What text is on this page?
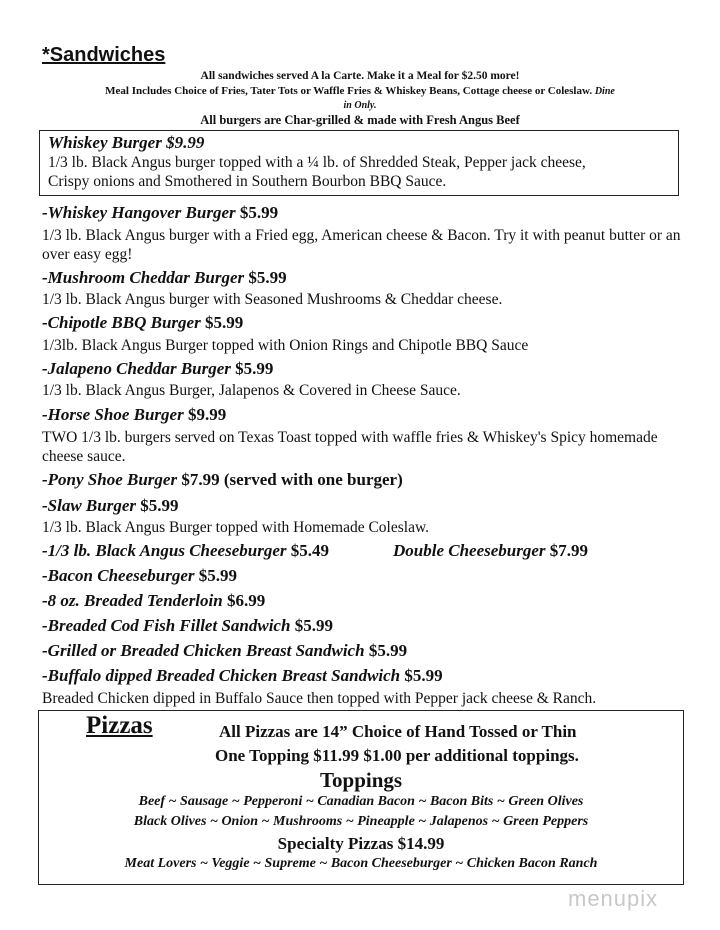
*Sandwiches
All sandwiches served A la Carte. Make it a Meal for $2.50 more!
Meal Includes Choice of Fries, Tater Tots or Waffle Fries & Whiskey Beans, Cottage cheese or Coleslaw. Dine
in Only.
All burgers are Char-grilled & made with Fresh Angus Beef
Whiskey Burger $9.99
1/3 lb. Black Angus burger topped with a ¼ lb. of Shredded Steak, Pepper jack cheese,
Crispy onions and Smothered in Southern Bourbon BBQ Sauce.
-Whiskey Hangover Burger $5.99
1/3 lb. Black Angus burger with a Fried egg, American cheese & Bacon. Try it with peanut butter or an over easy egg!
-Mushroom Cheddar Burger $5.99
1/3 lb. Black Angus burger with Seasoned Mushrooms & Cheddar cheese.
-Chipotle BBQ Burger $5.99
1/3lb. Black Angus Burger topped with Onion Rings and Chipotle BBQ Sauce
-Jalapeno Cheddar Burger $5.99
1/3 lb. Black Angus Burger, Jalapenos & Covered in Cheese Sauce.
-Horse Shoe Burger $9.99
TWO 1/3 lb. burgers served on Texas Toast topped with waffle fries & Whiskey's Spicy homemade cheese sauce.
-Pony Shoe Burger $7.99 (served with one burger)
-Slaw Burger $5.99
1/3 lb. Black Angus Burger topped with Homemade Coleslaw.
-1/3 lb. Black Angus Cheeseburger $5.49	Double Cheeseburger $7.99
-Bacon Cheeseburger $5.99
-8 oz. Breaded Tenderloin $6.99
-Breaded Cod Fish Fillet Sandwich $5.99
-Grilled or Breaded Chicken Breast Sandwich $5.99
-Buffalo dipped Breaded Chicken Breast Sandwich $5.99
Breaded Chicken dipped in Buffalo Sauce then topped with Pepper jack cheese & Ranch.
Pizzas	All Pizzas are 14” Choice of Hand Tossed or Thin
One Topping $11.99 $1.00 per additional toppings.
Toppings
Beef ~ Sausage ~ Pepperoni ~ Canadian Bacon ~ Bacon Bits ~ Green Olives
Black Olives ~ Onion ~ Mushrooms ~ Pineapple ~ Jalapenos ~ Green Peppers
Specialty Pizzas $14.99
Meat Lovers ~ Veggie ~ Supreme ~ Bacon Cheeseburger ~ Chicken Bacon Ranch
menupix
